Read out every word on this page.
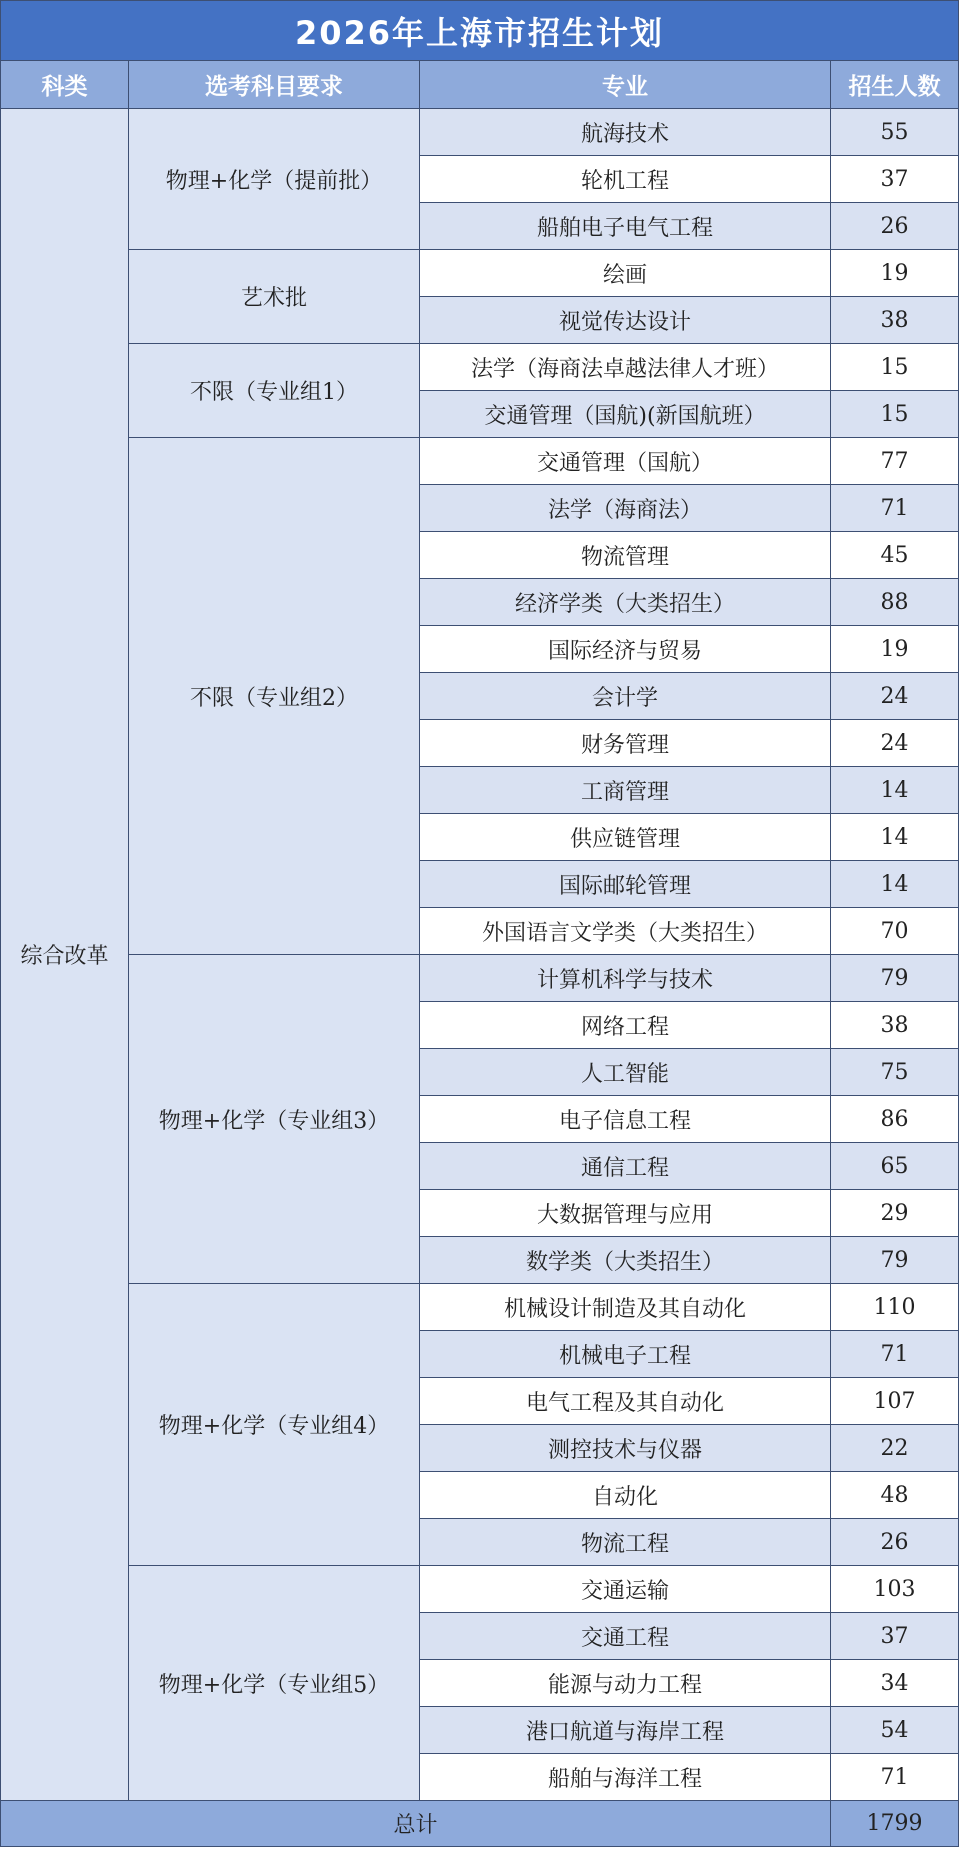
2026年上海市招生计划			
科类	选考科目要求	专业	招生人数
综合改革	物理+化学（提前批）	航海技术	55
		轮机工程	37
		船舶电子电气工程	26
	艺术批	绘画	19
		视觉传达设计	38
	不限（专业组1）	法学（海商法卓越法律人才班）	15
		交通管理（国航)(新国航班）	15
	不限（专业组2）	交通管理（国航）	77
		法学（海商法）	71
		物流管理	45
		经济学类（大类招生）	88
		国际经济与贸易	19
		会计学	24
		财务管理	24
		工商管理	14
		供应链管理	14
		国际邮轮管理	14
		外国语言文学类（大类招生）	70
	物理+化学（专业组3）	计算机科学与技术	79
		网络工程	38
		人工智能	75
		电子信息工程	86
		通信工程	65
		大数据管理与应用	29
		数学类（大类招生）	79
	物理+化学（专业组4）	机械设计制造及其自动化	110
		机械电子工程	71
		电气工程及其自动化	107
		测控技术与仪器	22
		自动化	48
		物流工程	26
	物理+化学（专业组5）	交通运输	103
		交通工程	37
		能源与动力工程	34
		港口航道与海岸工程	54
		船舶与海洋工程	71
总计			1799
